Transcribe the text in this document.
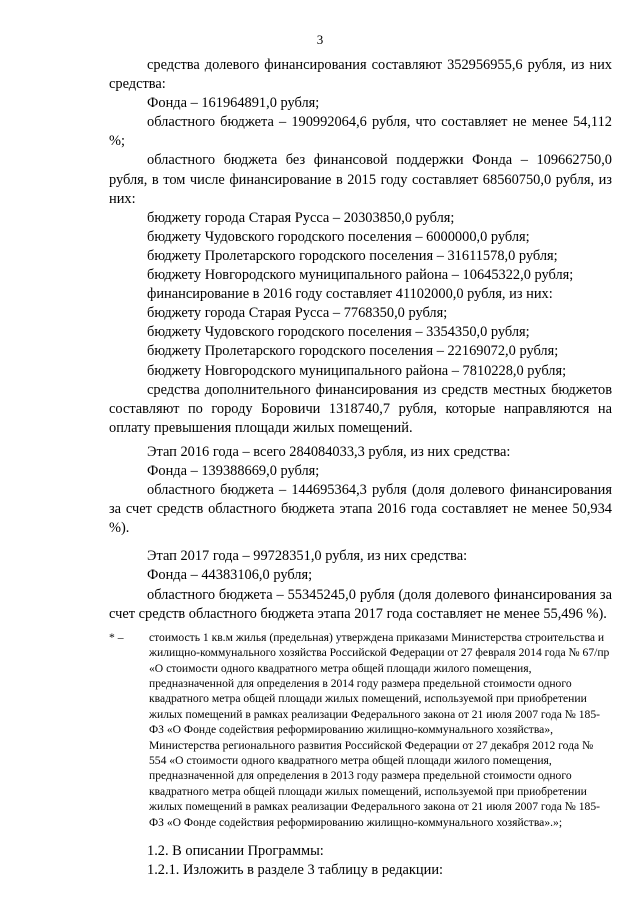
3

средства долевого финансирования составляют 352956955,6 рубля, из них средства:

Фонда – 161964891,0 рубля;

областного бюджета – 190992064,6 рубля, что составляет не менее 54,112 %;

областного бюджета без финансовой поддержки Фонда – 109662750,0 рубля, в том числе финансирование в 2015 году составляет 68560750,0 рубля, из них:

бюджету города Старая Русса – 20303850,0 рубля;

бюджету Чудовского городского поселения – 6000000,0 рубля;

бюджету Пролетарского городского поселения – 31611578,0 рубля;

бюджету Новгородского муниципального района – 10645322,0 рубля;

финансирование в 2016 году составляет 41102000,0 рубля, из них:

бюджету города Старая Русса – 7768350,0 рубля;

бюджету Чудовского городского поселения – 3354350,0 рубля;

бюджету Пролетарского городского поселения – 22169072,0 рубля;

бюджету Новгородского муниципального района – 7810228,0 рубля;

средства дополнительного финансирования из средств местных бюджетов составляют по городу Боровичи 1318740,7 рубля, которые направляются на оплату превышения площади жилых помещений.

Этап 2016 года – всего 284084033,3 рубля, из них средства:

Фонда – 139388669,0 рубля;

областного бюджета – 144695364,3 рубля (доля долевого финансирования за счет средств областного бюджета этапа 2016 года составляет не менее 50,934 %).

Этап 2017 года – 99728351,0 рубля, из них средства:

Фонда – 44383106,0 рубля;

областного бюджета – 55345245,0 рубля (доля долевого финансирования за счет средств областного бюджета этапа 2017 года составляет не менее 55,496 %).

* – стоимость 1 кв.м жилья (предельная) утверждена приказами Министерства строительства и жилищно-коммунального хозяйства Российской Федерации от 27 февраля 2014 года № 67/пр «О стоимости одного квадратного метра общей площади жилого помещения, предназначенной для определения в 2014 году размера предельной стоимости одного квадратного метра общей площади жилых помещений, используемой при приобретении жилых помещений в рамках реализации Федерального закона от 21 июля 2007 года № 185-ФЗ «О Фонде содействия реформированию жилищно-коммунального хозяйства», Министерства регионального развития Российской Федерации от 27 декабря 2012 года № 554 «О стоимости одного квадратного метра общей площади жилого помещения, предназначенной для определения в 2013 году размера предельной стоимости одного квадратного метра общей площади жилых помещений, используемой при приобретении жилых помещений в рамках реализации Федерального закона от 21 июля 2007 года № 185-ФЗ «О Фонде содействия реформированию жилищно-коммунального хозяйства».»;

1.2. В описании Программы:

1.2.1. Изложить в разделе 3 таблицу в редакции:
